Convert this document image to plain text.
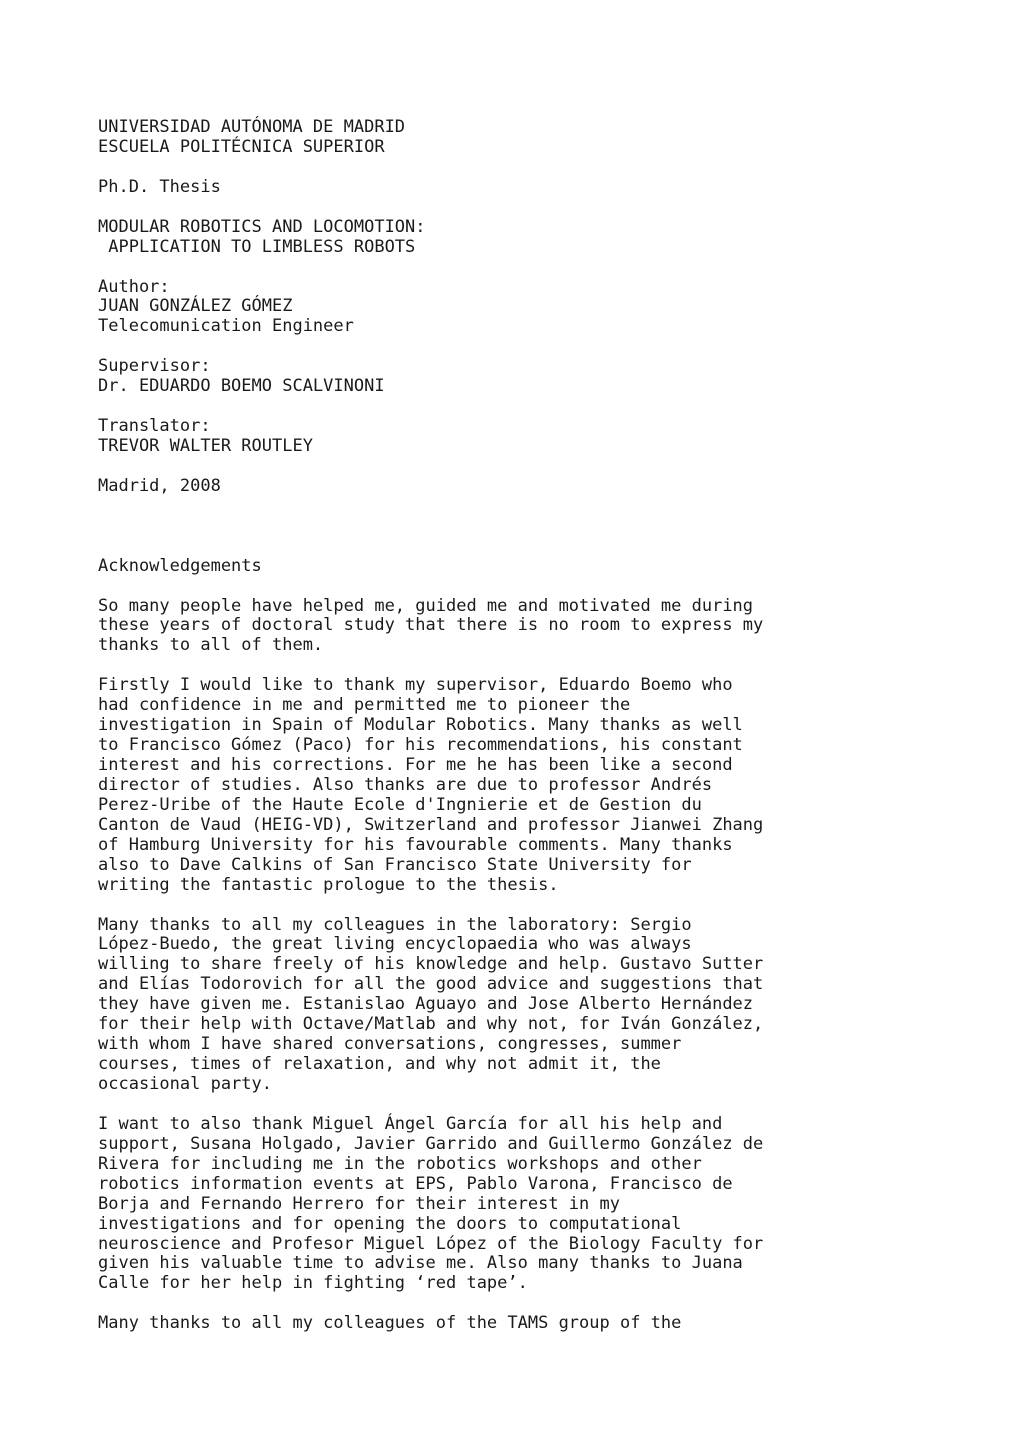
UNIVERSIDAD AUTÓNOMA DE MADRID
ESCUELA POLITÉCNICA SUPERIOR
Ph.D. Thesis
MODULAR ROBOTICS AND LOCOMOTION:
APPLICATION TO LIMBLESS ROBOTS
Author:
JUAN GONZÁLEZ GÓMEZ
Telecomunication Engineer
Supervisor:
Dr. EDUARDO BOEMO SCALVINONI
Translator:
TREVOR WALTER ROUTLEY
Madrid, 2008
Acknowledgements
So many people have helped me, guided me and motivated me during
these years of doctoral study that there is no room to express my
thanks to all of them.
Firstly I would like to thank my supervisor, Eduardo Boemo who
had confidence in me and permitted me to pioneer the
investigation in Spain of Modular Robotics. Many thanks as well
to Francisco Gómez (Paco) for his recommendations, his constant
interest and his corrections. For me he has been like a second
director of studies. Also thanks are due to professor Andrés
Perez-Uribe of the Haute Ecole d'Ingnierie et de Gestion du
Canton de Vaud (HEIG-VD), Switzerland and professor Jianwei Zhang
of Hamburg University for his favourable comments. Many thanks
also to Dave Calkins of San Francisco State University for
writing the fantastic prologue to the thesis.
Many thanks to all my colleagues in the laboratory: Sergio
López-Buedo, the great living encyclopaedia who was always
willing to share freely of his knowledge and help. Gustavo Sutter
and Elías Todorovich for all the good advice and suggestions that
they have given me. Estanislao Aguayo and Jose Alberto Hernández
for their help with Octave/Matlab and why not, for Iván González,
with whom I have shared conversations, congresses, summer
courses, times of relaxation, and why not admit it, the
occasional party.
I want to also thank Miguel Ángel García for all his help and
support, Susana Holgado, Javier Garrido and Guillermo González de
Rivera for including me in the robotics workshops and other
robotics information events at EPS, Pablo Varona, Francisco de
Borja and Fernando Herrero for their interest in my
investigations and for opening the doors to computational
neuroscience and Profesor Miguel López of the Biology Faculty for
given his valuable time to advise me. Also many thanks to Juana
Calle for her help in fighting ‘red tape’.
Many thanks to all my colleagues of the TAMS group of the
